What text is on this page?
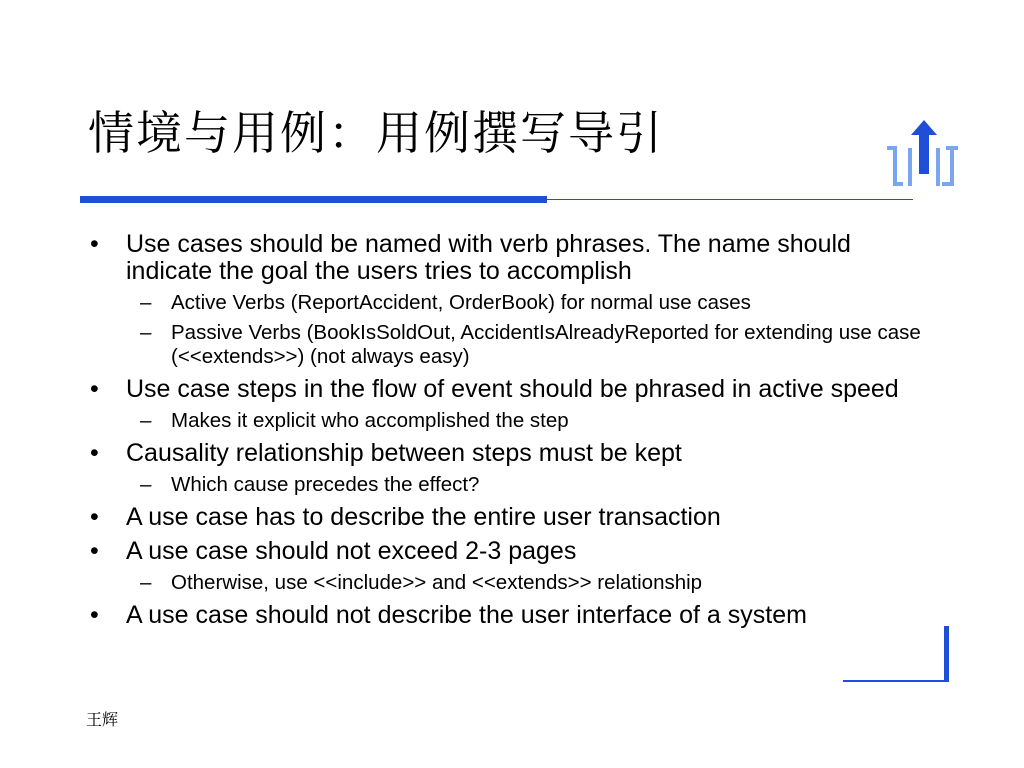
情境与用例：用例撰写导引
• Use cases should be named with verb phrases. The name should indicate the goal the users tries to accomplish
– Active Verbs (ReportAccident, OrderBook) for normal use cases
– Passive Verbs (BookIsSoldOut, AccidentIsAlreadyReported for extending use case (<<extends>>) (not always easy)
• Use case steps in the flow of event should be phrased in active speed
– Makes it explicit who accomplished the step
• Causality relationship between steps must be kept
– Which cause precedes the effect?
• A use case has to describe the entire user transaction
• A use case should not exceed 2-3 pages
– Otherwise, use <<include>> and <<extends>> relationship
• A use case should not describe the user interface of a system
王辉
